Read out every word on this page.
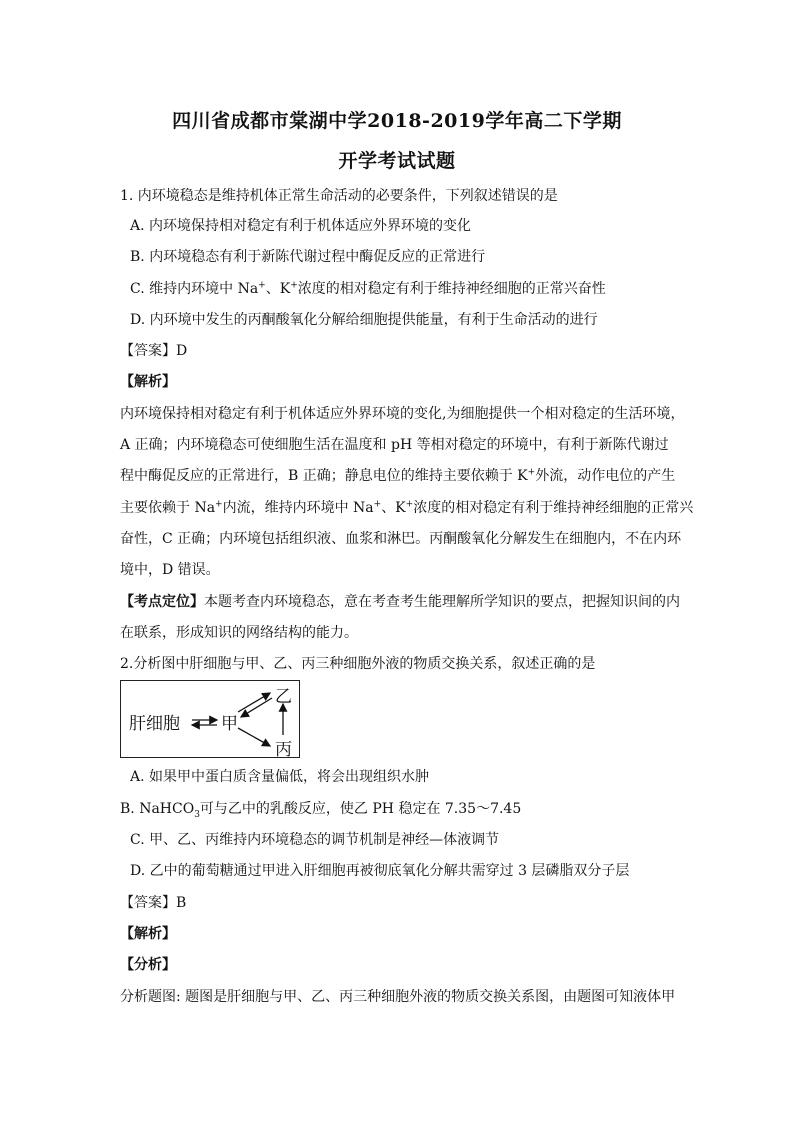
四川省成都市棠湖中学2018-2019学年高二下学期
开学考试试题
1. 内环境稳态是维持机体正常生命活动的必要条件，下列叙述错误的是
A. 内环境保持相对稳定有利于机体适应外界环境的变化
B. 内环境稳态有利于新陈代谢过程中酶促反应的正常进行
C. 维持内环境中 Na+、K+浓度的相对稳定有利于维持神经细胞的正常兴奋性
D. 内环境中发生的丙酮酸氧化分解给细胞提供能量，有利于生命活动的进行
【答案】D
【解析】
内环境保持相对稳定有利于机体适应外界环境的变化,为细胞提供一个相对稳定的生活环境，
A 正确；内环境稳态可使细胞生活在温度和 pH 等相对稳定的环境中，有利于新陈代谢过
程中酶促反应的正常进行，B 正确；静息电位的维持主要依赖于 K+外流，动作电位的产生
主要依赖于 Na+内流，维持内环境中 Na+、K+浓度的相对稳定有利于维持神经细胞的正常兴
奋性，C 正确；内环境包括组织液、血浆和淋巴。丙酮酸氧化分解发生在细胞内，不在内环
境中，D 错误。
【考点定位】本题考查内环境稳态，意在考查考生能理解所学知识的要点，把握知识间的内
在联系，形成知识的网络结构的能力。
2.分析图中肝细胞与甲、乙、丙三种细胞外液的物质交换关系，叙述正确的是
肝细胞 甲
乙
丙
A. 如果甲中蛋白质含量偏低，将会出现组织水肿
B. NaHCO$_3$可与乙中的乳酸反应，使乙 PH 稳定在 7.35～7.45
C. 甲、乙、丙维持内环境稳态的调节机制是神经—体液调节
D. 乙中的葡萄糖通过甲进入肝细胞再被彻底氧化分解共需穿过 3 层磷脂双分子层
【答案】B
【解析】
【分析】
分析题图: 题图是肝细胞与甲、乙、丙三种细胞外液的物质交换关系图，由题图可知液体甲
